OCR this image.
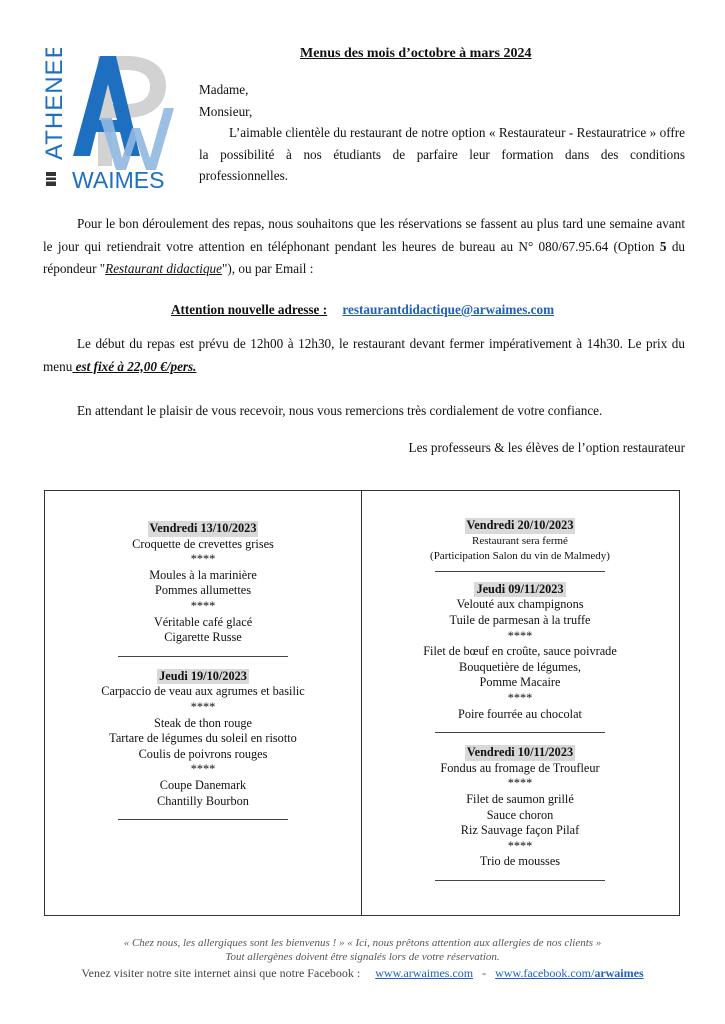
ATHENEE
WAIMES
Menus des mois d’octobre à mars 2024

Madame,

Monsieur,

L’aimable clientèle du restaurant de notre option « Restaurateur - Restauratrice » offre la possibilité à nos étudiants de parfaire leur formation dans des conditions professionnelles.

Pour le bon déroulement des repas, nous souhaitons que les réservations se fassent au plus tard une semaine avant le jour qui retiendrait votre attention en téléphonant pendant les heures de bureau au N° 080/67.95.64 (Option 5 du répondeur "Restaurant didactique"), ou par Email :
Attention nouvelle adresse : restaurantdidactique@arwaimes.com
Le début du repas est prévu de 12h00 à 12h30, le restaurant devant fermer impérativement à 14h30. Le prix du menu est fixé à 22,00 €/pers.
En attendant le plaisir de vous recevoir, nous vous remercions très cordialement de votre confiance.
Les professeurs & les élèves de l’option restaurateur
Vendredi 13/10/2023
Croquette de crevettes grises
****
Moules à la marinière
Pommes allumettes
****
Véritable café glacé
Cigarette Russe
Jeudi 19/10/2023
Carpaccio de veau aux agrumes et basilic
****
Steak de thon rouge
Tartare de légumes du soleil en risotto
Coulis de poivrons rouges
****
Coupe Danemark
Chantilly Bourbon
Vendredi 20/10/2023
Restaurant sera fermé
(Participation Salon du vin de Malmedy)
Jeudi 09/11/2023
Velouté aux champignons
Tuile de parmesan à la truffe
****
Filet de bœuf en croûte, sauce poivrade
Bouquetière de légumes,
Pomme Macaire
****
Poire fourrée au chocolat
Vendredi 10/11/2023
Fondus au fromage de Troufleur
****
Filet de saumon grillé
Sauce choron
Riz Sauvage façon Pilaf
****
Trio de mousses
« Chez nous, les allergiques sont les bienvenus ! » « Ici, nous prêtons attention aux allergies de nos clients »
Tout allergènes doivent être signalés lors de votre réservation.
Venez visiter notre site internet ainsi que notre Facebook : www.arwaimes.com - www.facebook.com/arwaimes
